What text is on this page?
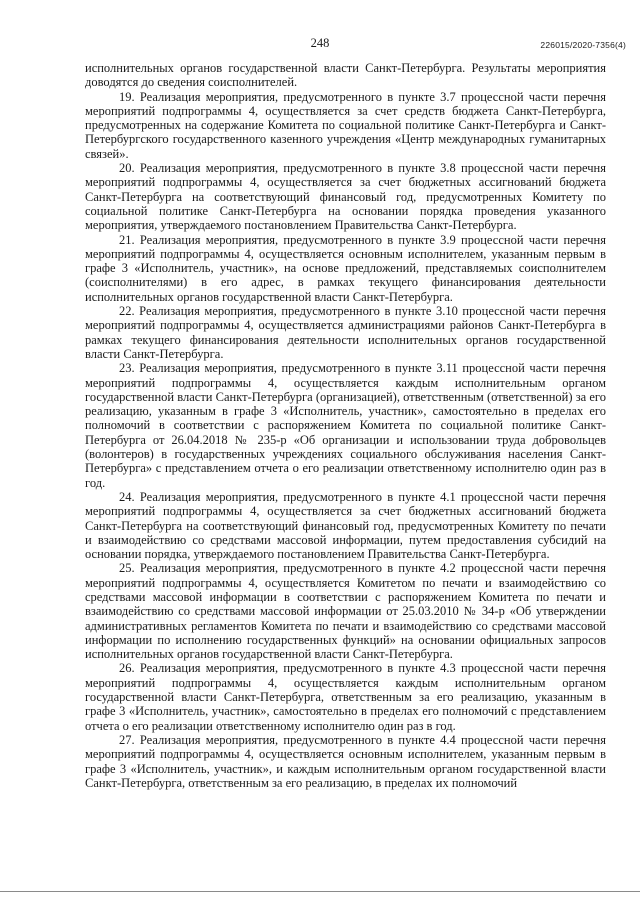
248	226015/2020-7356(4)

исполнительных органов государственной власти Санкт-Петербурга. Результаты мероприятия доводятся до сведения соисполнителей.

19. Реализация мероприятия, предусмотренного в пункте 3.7 процессной части перечня мероприятий подпрограммы 4, осуществляется за счет средств бюджета Санкт-Петербурга, предусмотренных на содержание Комитета по социальной политике Санкт-Петербурга и Санкт-Петербургского государственного казенного учреждения «Центр международных гуманитарных связей».

20. Реализация мероприятия, предусмотренного в пункте 3.8 процессной части перечня мероприятий подпрограммы 4, осуществляется за счет бюджетных ассигнований бюджета Санкт-Петербурга на соответствующий финансовый год, предусмотренных Комитету по социальной политике Санкт-Петербурга на основании порядка проведения указанного мероприятия, утверждаемого постановлением Правительства Санкт-Петербурга.

21. Реализация мероприятия, предусмотренного в пункте 3.9 процессной части перечня мероприятий подпрограммы 4, осуществляется основным исполнителем, указанным первым в графе 3 «Исполнитель, участник», на основе предложений, представляемых соисполнителем (соисполнителями) в его адрес, в рамках текущего финансирования деятельности исполнительных органов государственной власти Санкт-Петербурга.

22. Реализация мероприятия, предусмотренного в пункте 3.10 процессной части перечня мероприятий подпрограммы 4, осуществляется администрациями районов Санкт-Петербурга в рамках текущего финансирования деятельности исполнительных органов государственной власти Санкт-Петербурга.

23. Реализация мероприятия, предусмотренного в пункте 3.11 процессной части перечня мероприятий подпрограммы 4, осуществляется каждым исполнительным органом государственной власти Санкт-Петербурга (организацией), ответственным (ответственной) за его реализацию, указанным в графе 3 «Исполнитель, участник», самостоятельно в пределах его полномочий в соответствии с распоряжением Комитета по социальной политике Санкт-Петербурга от 26.04.2018 № 235-р «Об организации и использовании труда добровольцев (волонтеров) в государственных учреждениях социального обслуживания населения Санкт-Петербурга» с представлением отчета о его реализации ответственному исполнителю один раз в год.

24. Реализация мероприятия, предусмотренного в пункте 4.1 процессной части перечня мероприятий подпрограммы 4, осуществляется за счет бюджетных ассигнований бюджета Санкт-Петербурга на соответствующий финансовый год, предусмотренных Комитету по печати и взаимодействию со средствами массовой информации, путем предоставления субсидий на основании порядка, утверждаемого постановлением Правительства Санкт-Петербурга.

25. Реализация мероприятия, предусмотренного в пункте 4.2 процессной части перечня мероприятий подпрограммы 4, осуществляется Комитетом по печати и взаимодействию со средствами массовой информации в соответствии с распоряжением Комитета по печати и взаимодействию со средствами массовой информации от 25.03.2010 № 34-р «Об утверждении административных регламентов Комитета по печати и взаимодействию со средствами массовой информации по исполнению государственных функций» на основании официальных запросов исполнительных органов государственной власти Санкт-Петербурга.

26. Реализация мероприятия, предусмотренного в пункте 4.3 процессной части перечня мероприятий подпрограммы 4, осуществляется каждым исполнительным органом государственной власти Санкт-Петербурга, ответственным за его реализацию, указанным в графе 3 «Исполнитель, участник», самостоятельно в пределах его полномочий с представлением отчета о его реализации ответственному исполнителю один раз в год.

27. Реализация мероприятия, предусмотренного в пункте 4.4 процессной части перечня мероприятий подпрограммы 4, осуществляется основным исполнителем, указанным первым в графе 3 «Исполнитель, участник», и каждым исполнительным органом государственной власти Санкт-Петербурга, ответственным за его реализацию, в пределах их полномочий
